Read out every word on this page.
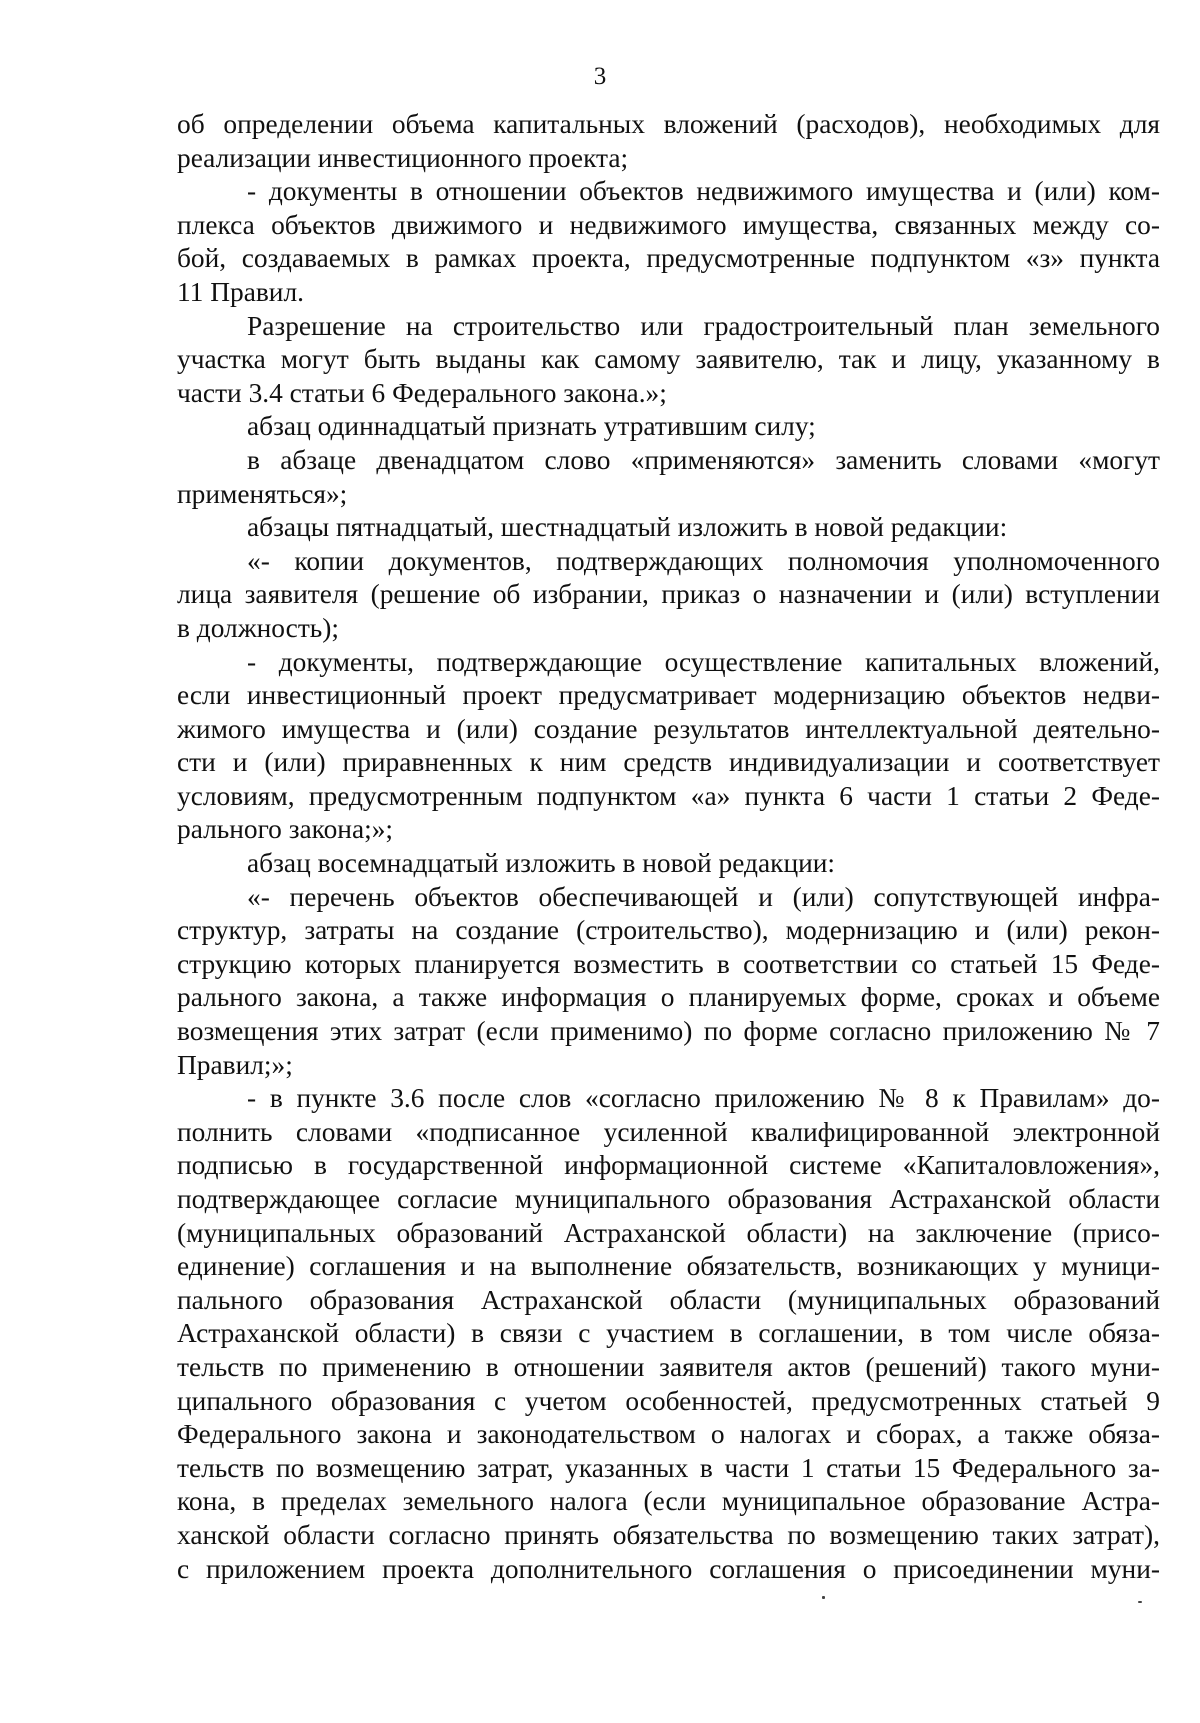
3
об определении объема капитальных вложений (расходов), необходимых для
реализации инвестиционного проекта;
- документы в отношении объектов недвижимого имущества и (или) ком-
плекса объектов движимого и недвижимого имущества, связанных между со-
бой, создаваемых в рамках проекта, предусмотренные подпунктом «з» пункта
11 Правил.
Разрешение на строительство или градостроительный план земельного
участка могут быть выданы как самому заявителю, так и лицу, указанному в
части 3.4 статьи 6 Федерального закона.»;
абзац одиннадцатый признать утратившим силу;
в абзаце двенадцатом слово «применяются» заменить словами «могут
применяться»;
абзацы пятнадцатый, шестнадцатый изложить в новой редакции:
«- копии документов, подтверждающих полномочия уполномоченного
лица заявителя (решение об избрании, приказ о назначении и (или) вступлении
в должность);
- документы, подтверждающие осуществление капитальных вложений,
если инвестиционный проект предусматривает модернизацию объектов недви-
жимого имущества и (или) создание результатов интеллектуальной деятельно-
сти и (или) приравненных к ним средств индивидуализации и соответствует
условиям, предусмотренным подпунктом «а» пункта 6 части 1 статьи 2 Феде-
рального закона;»;
абзац восемнадцатый изложить в новой редакции:
«- перечень объектов обеспечивающей и (или) сопутствующей инфра-
структур, затраты на создание (строительство), модернизацию и (или) рекон-
струкцию которых планируется возместить в соответствии со статьей 15 Феде-
рального закона, а также информация о планируемых форме, сроках и объеме
возмещения этих затрат (если применимо) по форме согласно приложению № 7
Правил;»;
- в пункте 3.6 после слов «согласно приложению № 8 к Правилам» до-
полнить словами «подписанное усиленной квалифицированной электронной
подписью в государственной информационной системе «Капиталовложения»,
подтверждающее согласие муниципального образования Астраханской области
(муниципальных образований Астраханской области) на заключение (присо-
единение) соглашения и на выполнение обязательств, возникающих у муници-
пального образования Астраханской области (муниципальных образований
Астраханской области) в связи с участием в соглашении, в том числе обяза-
тельств по применению в отношении заявителя актов (решений) такого муни-
ципального образования с учетом особенностей, предусмотренных статьей 9
Федерального закона и законодательством о налогах и сборах, а также обяза-
тельств по возмещению затрат, указанных в части 1 статьи 15 Федерального за-
кона, в пределах земельного налога (если муниципальное образование Астра-
ханской области согласно принять обязательства по возмещению таких затрат),
с приложением проекта дополнительного соглашения о присоединении муни-
